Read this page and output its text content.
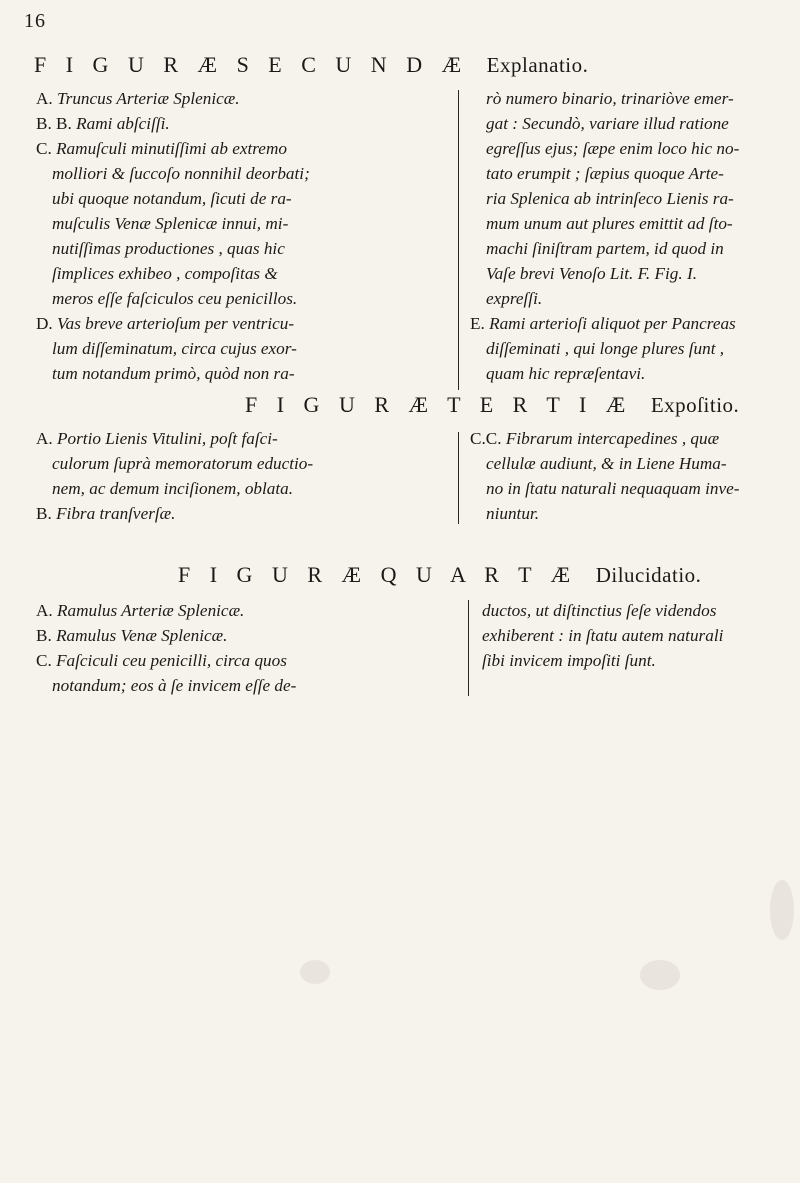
16
F I G U R Æ S E C U N D Æ Explanatio.
A. Truncus Arteriæ Splenicæ.
B. B. Rami abſciſſi.
C. Ramuſculi minutiſſimi ab extremo
molliori & ſuccoſo nonnihil deorbati;
ubi quoque notandum, ſicuti de ra-
muſculis Venæ Splenicæ innui, mi-
nutiſſimas productiones , quas hic
ſimplices exhibeo , compoſitas &
meros eſſe faſciculos ceu penicillos.
D. Vas breve arterioſum per ventricu-
lum diſſeminatum, circa cujus exor-
tum notandum primò, quòd non ra-
rò numero binario, trinariòve emer-
gat : Secundò, variare illud ratione
egreſſus ejus; ſæpe enim loco hic no-
tato erumpit ; ſæpius quoque Arte-
ria Splenica ab intrinſeco Lienis ra-
mum unum aut plures emittit ad ſto-
machi ſiniſtram partem, id quod in
Vaſe brevi Venoſo Lit. F. Fig. I.
expreſſi.
E. Rami arterioſi aliquot per Pancreas
diſſeminati , qui longe plures ſunt ,
quam hic repræſentavi.
F I G U R Æ T E R T I Æ Expoſitio.
A. Portio Lienis Vitulini, poſt faſci-
culorum ſuprà memoratorum eductio-
nem, ac demum inciſionem, oblata.
B. Fibra tranſverſæ.
C.C. Fibrarum intercapedines , quæ
cellulæ audiunt, & in Liene Huma-
no in ſtatu naturali nequaquam inve-
niuntur.
F I G U R Æ Q U A R T Æ Dilucidatio.
A. Ramulus Arteriæ Splenicæ.
B. Ramulus Venæ Splenicæ.
C. Faſciculi ceu penicilli, circa quos
notandum; eos à ſe invicem eſſe de-
ductos, ut diſtinctius ſeſe videndos
exhiberent : in ſtatu autem naturali
ſibi invicem impoſiti ſunt.
